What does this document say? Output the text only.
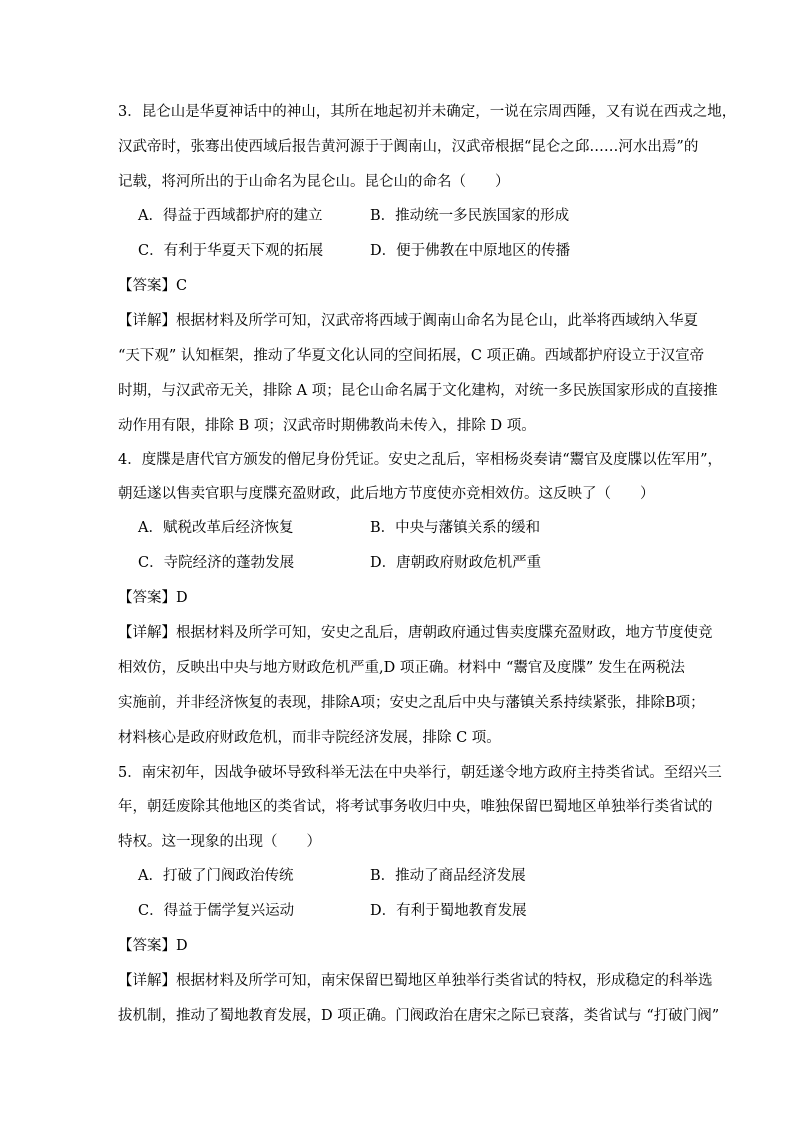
3．昆仑山是华夏神话中的神山，其所在地起初并未确定，一说在宗周西陲，又有说在西戎之地，
汉武帝时，张骞出使西域后报告黄河源于于阗南山，汉武帝根据“昆仑之邱……河水出焉”的
记载，将河所出的于山命名为昆仑山。昆仑山的命名（　　）
A．得益于西域都护府的建立	B．推动统一多民族国家的形成
C．有利于华夏天下观的拓展	D．便于佛教在中原地区的传播
【答案】C
【详解】根据材料及所学可知，汉武帝将西域于阗南山命名为昆仑山，此举将西域纳入华夏
“天下观” 认知框架，推动了华夏文化认同的空间拓展，C 项正确。西域都护府设立于汉宣帝
时期，与汉武帝无关，排除 A 项；昆仑山命名属于文化建构，对统一多民族国家形成的直接推
动作用有限，排除 B 项；汉武帝时期佛教尚未传入，排除 D 项。
4．度牒是唐代官方颁发的僧尼身份凭证。安史之乱后，宰相杨炎奏请“鬻官及度牒以佐军用”，
朝廷遂以售卖官职与度牒充盈财政，此后地方节度使亦竞相效仿。这反映了（　　）
A．赋税改革后经济恢复	B．中央与藩镇关系的缓和
C．寺院经济的蓬勃发展	D．唐朝政府财政危机严重
【答案】D
【详解】根据材料及所学可知，安史之乱后，唐朝政府通过售卖度牒充盈财政，地方节度使竞
相效仿，反映出中央与地方财政危机严重,D 项正确。材料中 “鬻官及度牒” 发生在两税法
实施前，并非经济恢复的表现，排除A项；安史之乱后中央与藩镇关系持续紧张，排除B项；
材料核心是政府财政危机，而非寺院经济发展，排除 C 项。
5．南宋初年，因战争破坏导致科举无法在中央举行，朝廷遂令地方政府主持类省试。至绍兴三
年，朝廷废除其他地区的类省试，将考试事务收归中央，唯独保留巴蜀地区单独举行类省试的
特权。这一现象的出现（　　）
A．打破了门阀政治传统	B．推动了商品经济发展
C．得益于儒学复兴运动	D．有利于蜀地教育发展
【答案】D
【详解】根据材料及所学可知，南宋保留巴蜀地区单独举行类省试的特权，形成稳定的科举选
拔机制，推动了蜀地教育发展，D 项正确。门阀政治在唐宋之际已衰落，类省试与 “打破门阀”
